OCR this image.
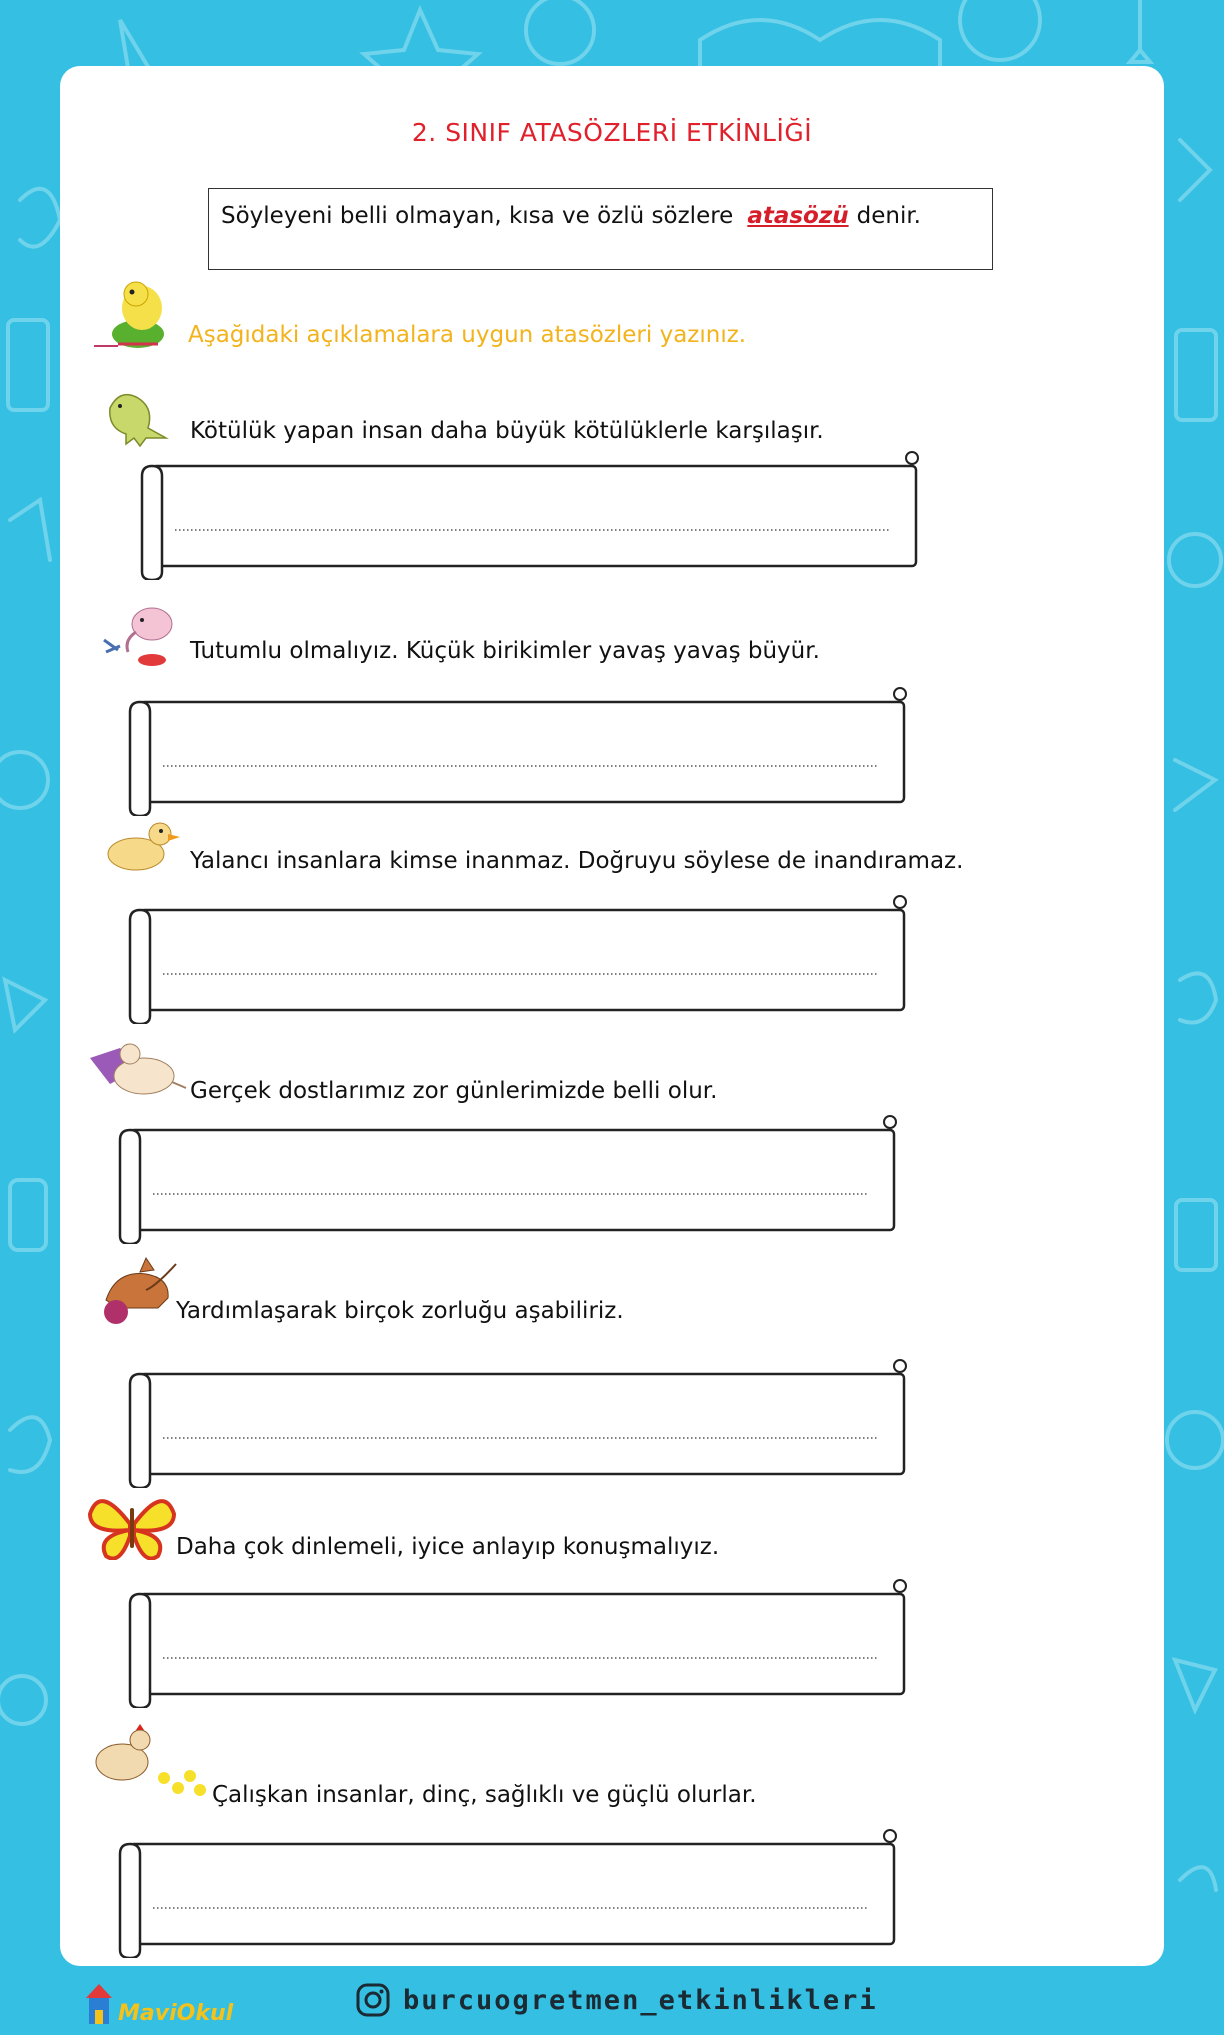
2. SINIF ATASÖZLERİ ETKİNLİĞİ
Söyleyeni belli olmayan, kısa ve özlü sözlere atasözü denir.
Aşağıdaki açıklamalara uygun atasözleri yazınız.
Kötülük yapan insan daha büyük kötülüklerle karşılaşır.
Tutumlu olmalıyız. Küçük birikimler yavaş yavaş büyür.
Yalancı insanlara kimse inanmaz. Doğruyu söylese de inandıramaz.
Gerçek dostlarımız zor günlerimizde belli olur.
Yardımlaşarak birçok zorluğu aşabiliriz.
Daha çok dinlemeli, iyice anlayıp konuşmalıyız.
Çalışkan insanlar, dinç, sağlıklı ve güçlü olurlar.
MaviOkul	burcuogretmen_etkinlikleri
